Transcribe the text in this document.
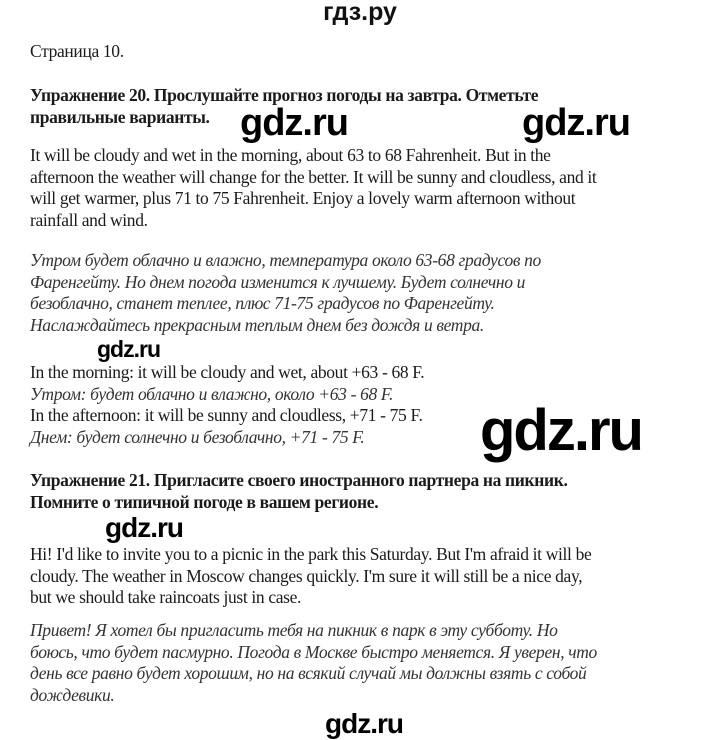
гдз.ру
Страница 10.
Упражнение 20. Прослушайте прогноз погоды на завтра. Отметьте
правильные варианты.
It will be cloudy and wet in the morning, about 63 to 68 Fahrenheit. But in the
afternoon the weather will change for the better. It will be sunny and cloudless, and it
will get warmer, plus 71 to 75 Fahrenheit. Enjoy a lovely warm afternoon without
rainfall and wind.
Утром будет облачно и влажно, температура около 63-68 градусов по
Фаренгейту. Но днем погода изменится к лучшему. Будет солнечно и
безоблачно, станет теплее, плюс 71-75 градусов по Фаренгейту.
Наслаждайтесь прекрасным теплым днем без дождя и ветра.
In the morning: it will be cloudy and wet, about +63 - 68 F.
Утром: будет облачно и влажно, около +63 - 68 F.
In the afternoon: it will be sunny and cloudless, +71 - 75 F.
Днем: будет солнечно и безоблачно, +71 - 75 F.
Упражнение 21. Пригласите своего иностранного партнера на пикник.
Помните о типичной погоде в вашем регионе.
Hi! I'd like to invite you to a picnic in the park this Saturday. But I'm afraid it will be
cloudy. The weather in Moscow changes quickly. I'm sure it will still be a nice day,
but we should take raincoats just in case.
Привет! Я хотел бы пригласить тебя на пикник в парк в эту субботу. Но
боюсь, что будет пасмурно. Погода в Москве быстро меняется. Я уверен, что
день все равно будет хорошим, но на всякий случай мы должны взять с собой
дождевики.
gdz.ru	gdz.ru
gdz.ru
gdz.ru
gdz.ru
gdz.ru
